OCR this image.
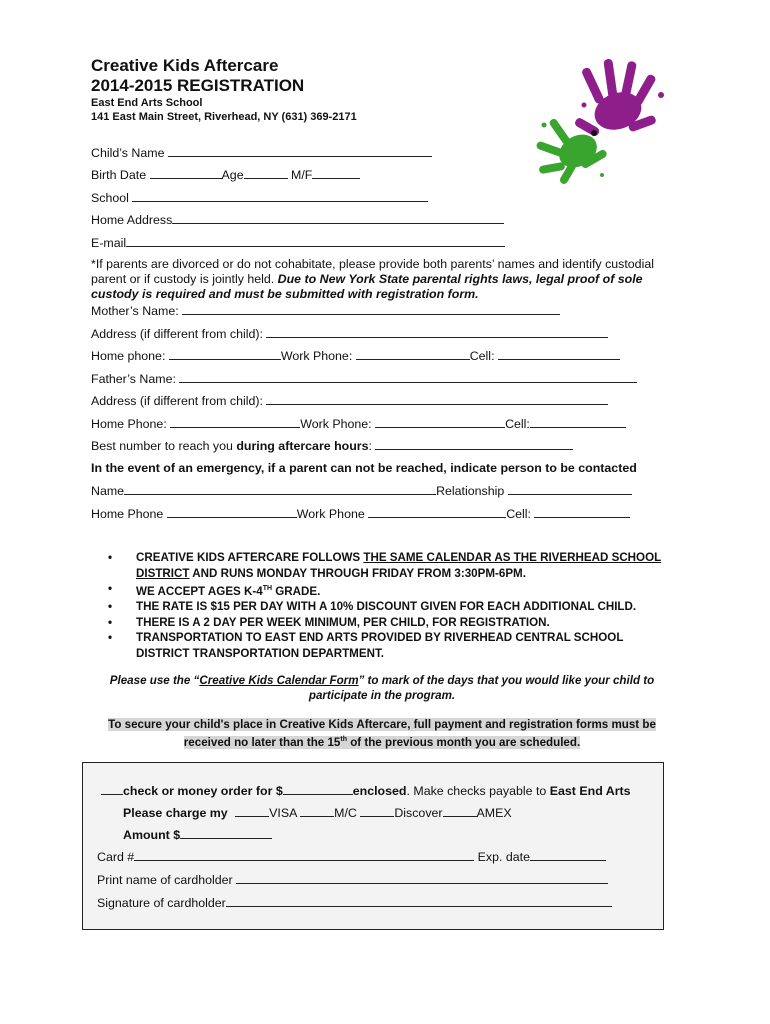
Creative Kids Aftercare
2014-2015 REGISTRATION
East End Arts School
141 East Main Street, Riverhead, NY (631) 369-2171
Child’s Name
Birth Date	Age	M/F
School
Home Address
E-mail
*If parents are divorced or do not cohabitate, please provide both parents’ names and identify custodial parent or if custody is jointly held. Due to New York State parental rights laws, legal proof of sole custody is required and must be submitted with registration form.
Mother’s Name:
Address (if different from child):
Home phone:	Work Phone:	Cell:
Father’s Name:
Address (if different from child):
Home Phone:	Work Phone:	Cell:
Best number to reach you during aftercare hours:
In the event of an emergency, if a parent can not be reached, indicate person to be contacted
Name	Relationship
Home Phone	Work Phone	Cell:
• CREATIVE KIDS AFTERCARE FOLLOWS THE SAME CALENDAR AS THE RIVERHEAD SCHOOL DISTRICT AND RUNS MONDAY THROUGH FRIDAY FROM 3:30PM-6PM.
• WE ACCEPT AGES K-4TH GRADE.
• THE RATE IS $15 PER DAY WITH A 10% DISCOUNT GIVEN FOR EACH ADDITIONAL CHILD.
• THERE IS A 2 DAY PER WEEK MINIMUM, PER CHILD, FOR REGISTRATION.
• TRANSPORTATION TO EAST END ARTS PROVIDED BY RIVERHEAD CENTRAL SCHOOL DISTRICT TRANSPORTATION DEPARTMENT.
Please use the “Creative Kids Calendar Form” to mark of the days that you would like your child to participate in the program.
To secure your child's place in Creative Kids Aftercare, full payment and registration forms must be received no later than the 15th of the previous month you are scheduled.
check or money order for $	enclosed. Make checks payable to East End Arts
Please charge my	VISA	M/C	Discover	AMEX
Amount $
Card #	Exp. date
Print name of cardholder
Signature of cardholder
